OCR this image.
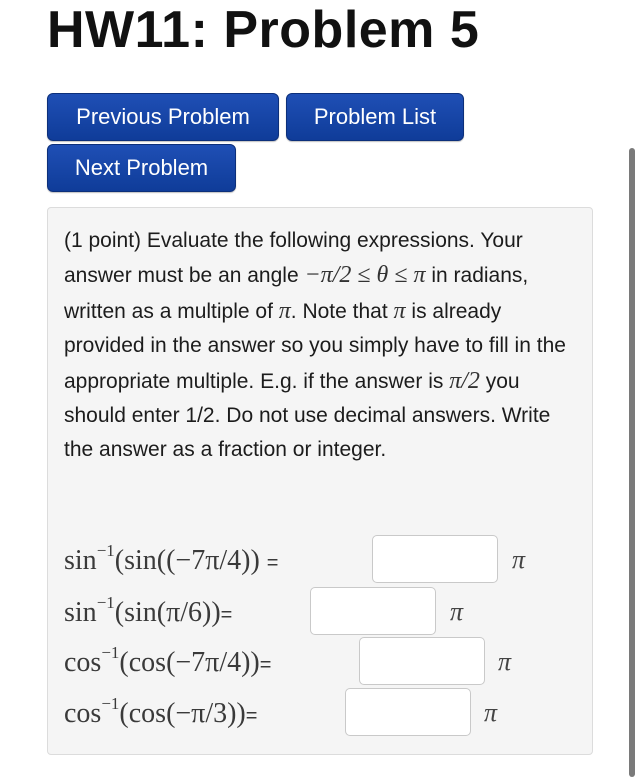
HW11: Problem 5
Previous Problem	Problem List
Next Problem
(1 point) Evaluate the following expressions. Your answer must be an angle −π/2 ≤ θ ≤ π in radians, written as a multiple of π. Note that π is already provided in the answer so you simply have to fill in the appropriate multiple. E.g. if the answer is π/2 you should enter 1/2. Do not use decimal answers. Write the answer as a fraction or integer.
$\sin^{-1}(\sin((-7\pi/4))$ =	π
$\sin^{-1}(\sin(\pi/6))=$	π
$\cos^{-1}(\cos(-7\pi/4))=$	π
$\cos^{-1}(\cos(-\pi/3))=$	π
